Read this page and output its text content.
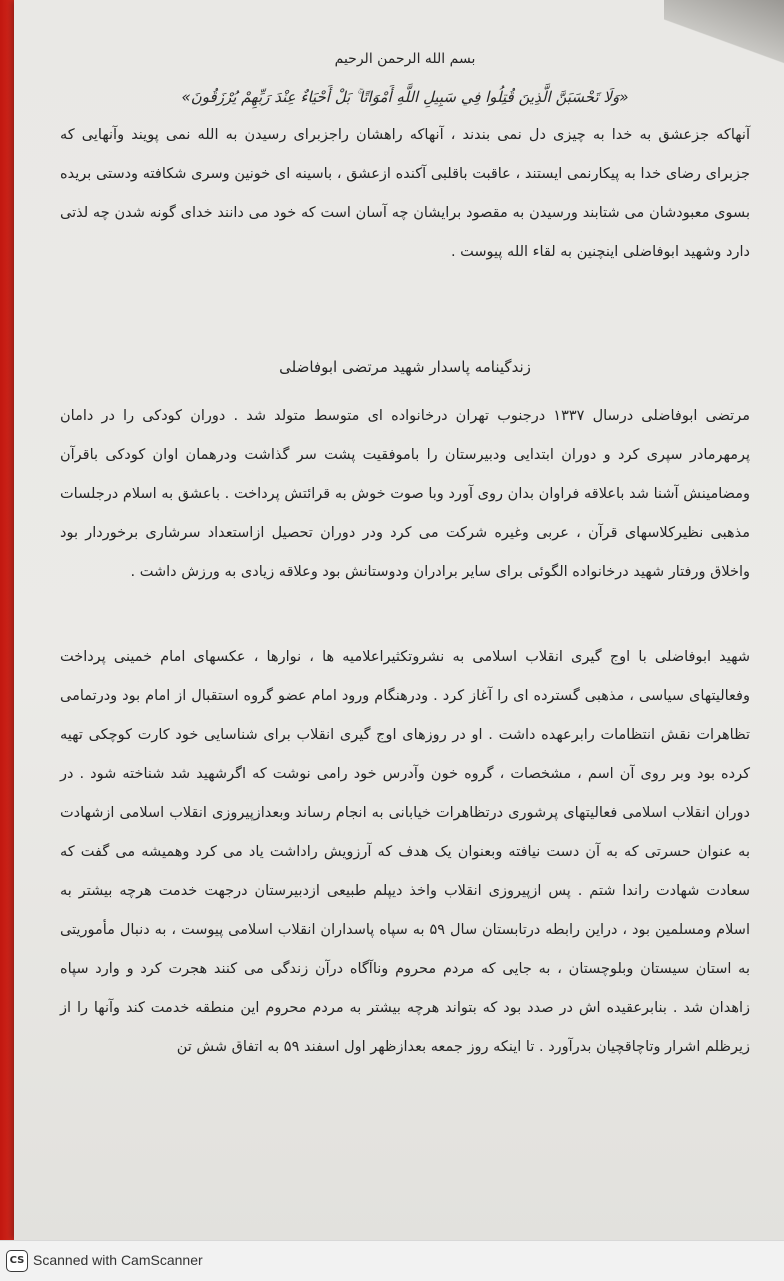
بسم الله الرحمن الرحیم
«وَلَا تَحْسَبَنَّ الَّذِينَ قُتِلُوا فِي سَبِيلِ اللَّهِ أَمْوَاتًا ۚ بَلْ أَحْيَاءٌ عِنْدَ رَبِّهِمْ يُرْزَقُونَ»

آنهاکه جزعشق به خدا به چیزی دل نمی بندند ، آنهاکه راهشان راجزبرای رسیدن به الله نمی پویند وآنهایی که جزبرای رضای خدا به پیکارنمی ایستند ، عاقبت باقلبی آکنده ازعشق ، باسینه ای خونین وسری شکافته ودستی بریده بسوی معبودشان می شتابند ورسیدن به مقصود برایشان چه آسان است که خود می دانند خدای گونه شدن چه لذتی دارد وشهید ابوفاضلی اینچنین به لقاء الله پیوست .

زندگینامه پاسدار شهید مرتضی ابوفاضلی

مرتضی ابوفاضلی درسال ۱۳۳۷ درجنوب تهران درخانواده ای متوسط متولد شد . دوران کودکی را در دامان پرمهرمادر سپری کرد و دوران ابتدایی ودبیرستان را باموفقیت پشت سر گذاشت ودرهمان اوان کودکی باقرآن ومضامینش آشنا شد باعلاقه فراوان بدان روی آورد وبا صوت خوش به قرائتش پرداخت . باعشق به اسلام درجلسات مذهبی نظیرکلاسهای قرآن ، عربی وغیره شرکت می کرد ودر دوران تحصیل ازاستعداد سرشاری برخوردار بود واخلاق ورفتار شهید درخانواده الگوئی برای سایر برادران ودوستانش بود وعلاقه زیادی به ورزش داشت .

شهید ابوفاضلی با اوج گیری انقلاب اسلامی به نشروتکثیراعلامیه ها ، نوارها ، عکسهای امام خمینی پرداخت وفعالیتهای سیاسی ، مذهبی گسترده ای را آغاز کرد . ودرهنگام ورود امام عضو گروه استقبال از امام بود ودرتمامی تظاهرات نقش انتظامات رابرعهده داشت . او در روزهای اوج گیری انقلاب برای شناسایی خود کارت کوچکی تهیه کرده بود وبر روی آن اسم ، مشخصات ، گروه خون وآدرس خود رامی نوشت که اگرشهید شد شناخته شود . در دوران انقلاب اسلامی فعالیتهای پرشوری درتظاهرات خیابانی به انجام رساند وبعدازپیروزی انقلاب اسلامی ازشهادت به عنوان حسرتی که به آن دست نیافته وبعنوان یک هدف که آرزویش راداشت یاد می کرد وهمیشه می گفت که سعادت شهادت راندا شتم . پس ازپیروزی انقلاب واخذ دیپلم طبیعی ازدبیرستان درجهت خدمت هرچه بیشتر به اسلام ومسلمین بود ، دراین رابطه درتابستان سال ۵۹ به سپاه پاسداران انقلاب اسلامی پیوست ، به دنبال مأموریتی به استان سیستان وبلوچستان ، به جایی که مردم محروم وناآگاه درآن زندگی می کنند هجرت کرد و وارد سپاه زاهدان شد . بنابرعقیده اش در صدد بود که بتواند هرچه بیشتر به مردم محروم این منطقه خدمت کند وآنها را از زیرظلم اشرار وتاچاقچیان بدرآورد . تا اینکه روز جمعه بعدازظهر اول اسفند ۵۹ به اتفاق شش تن

CS Scanned with CamScanner
